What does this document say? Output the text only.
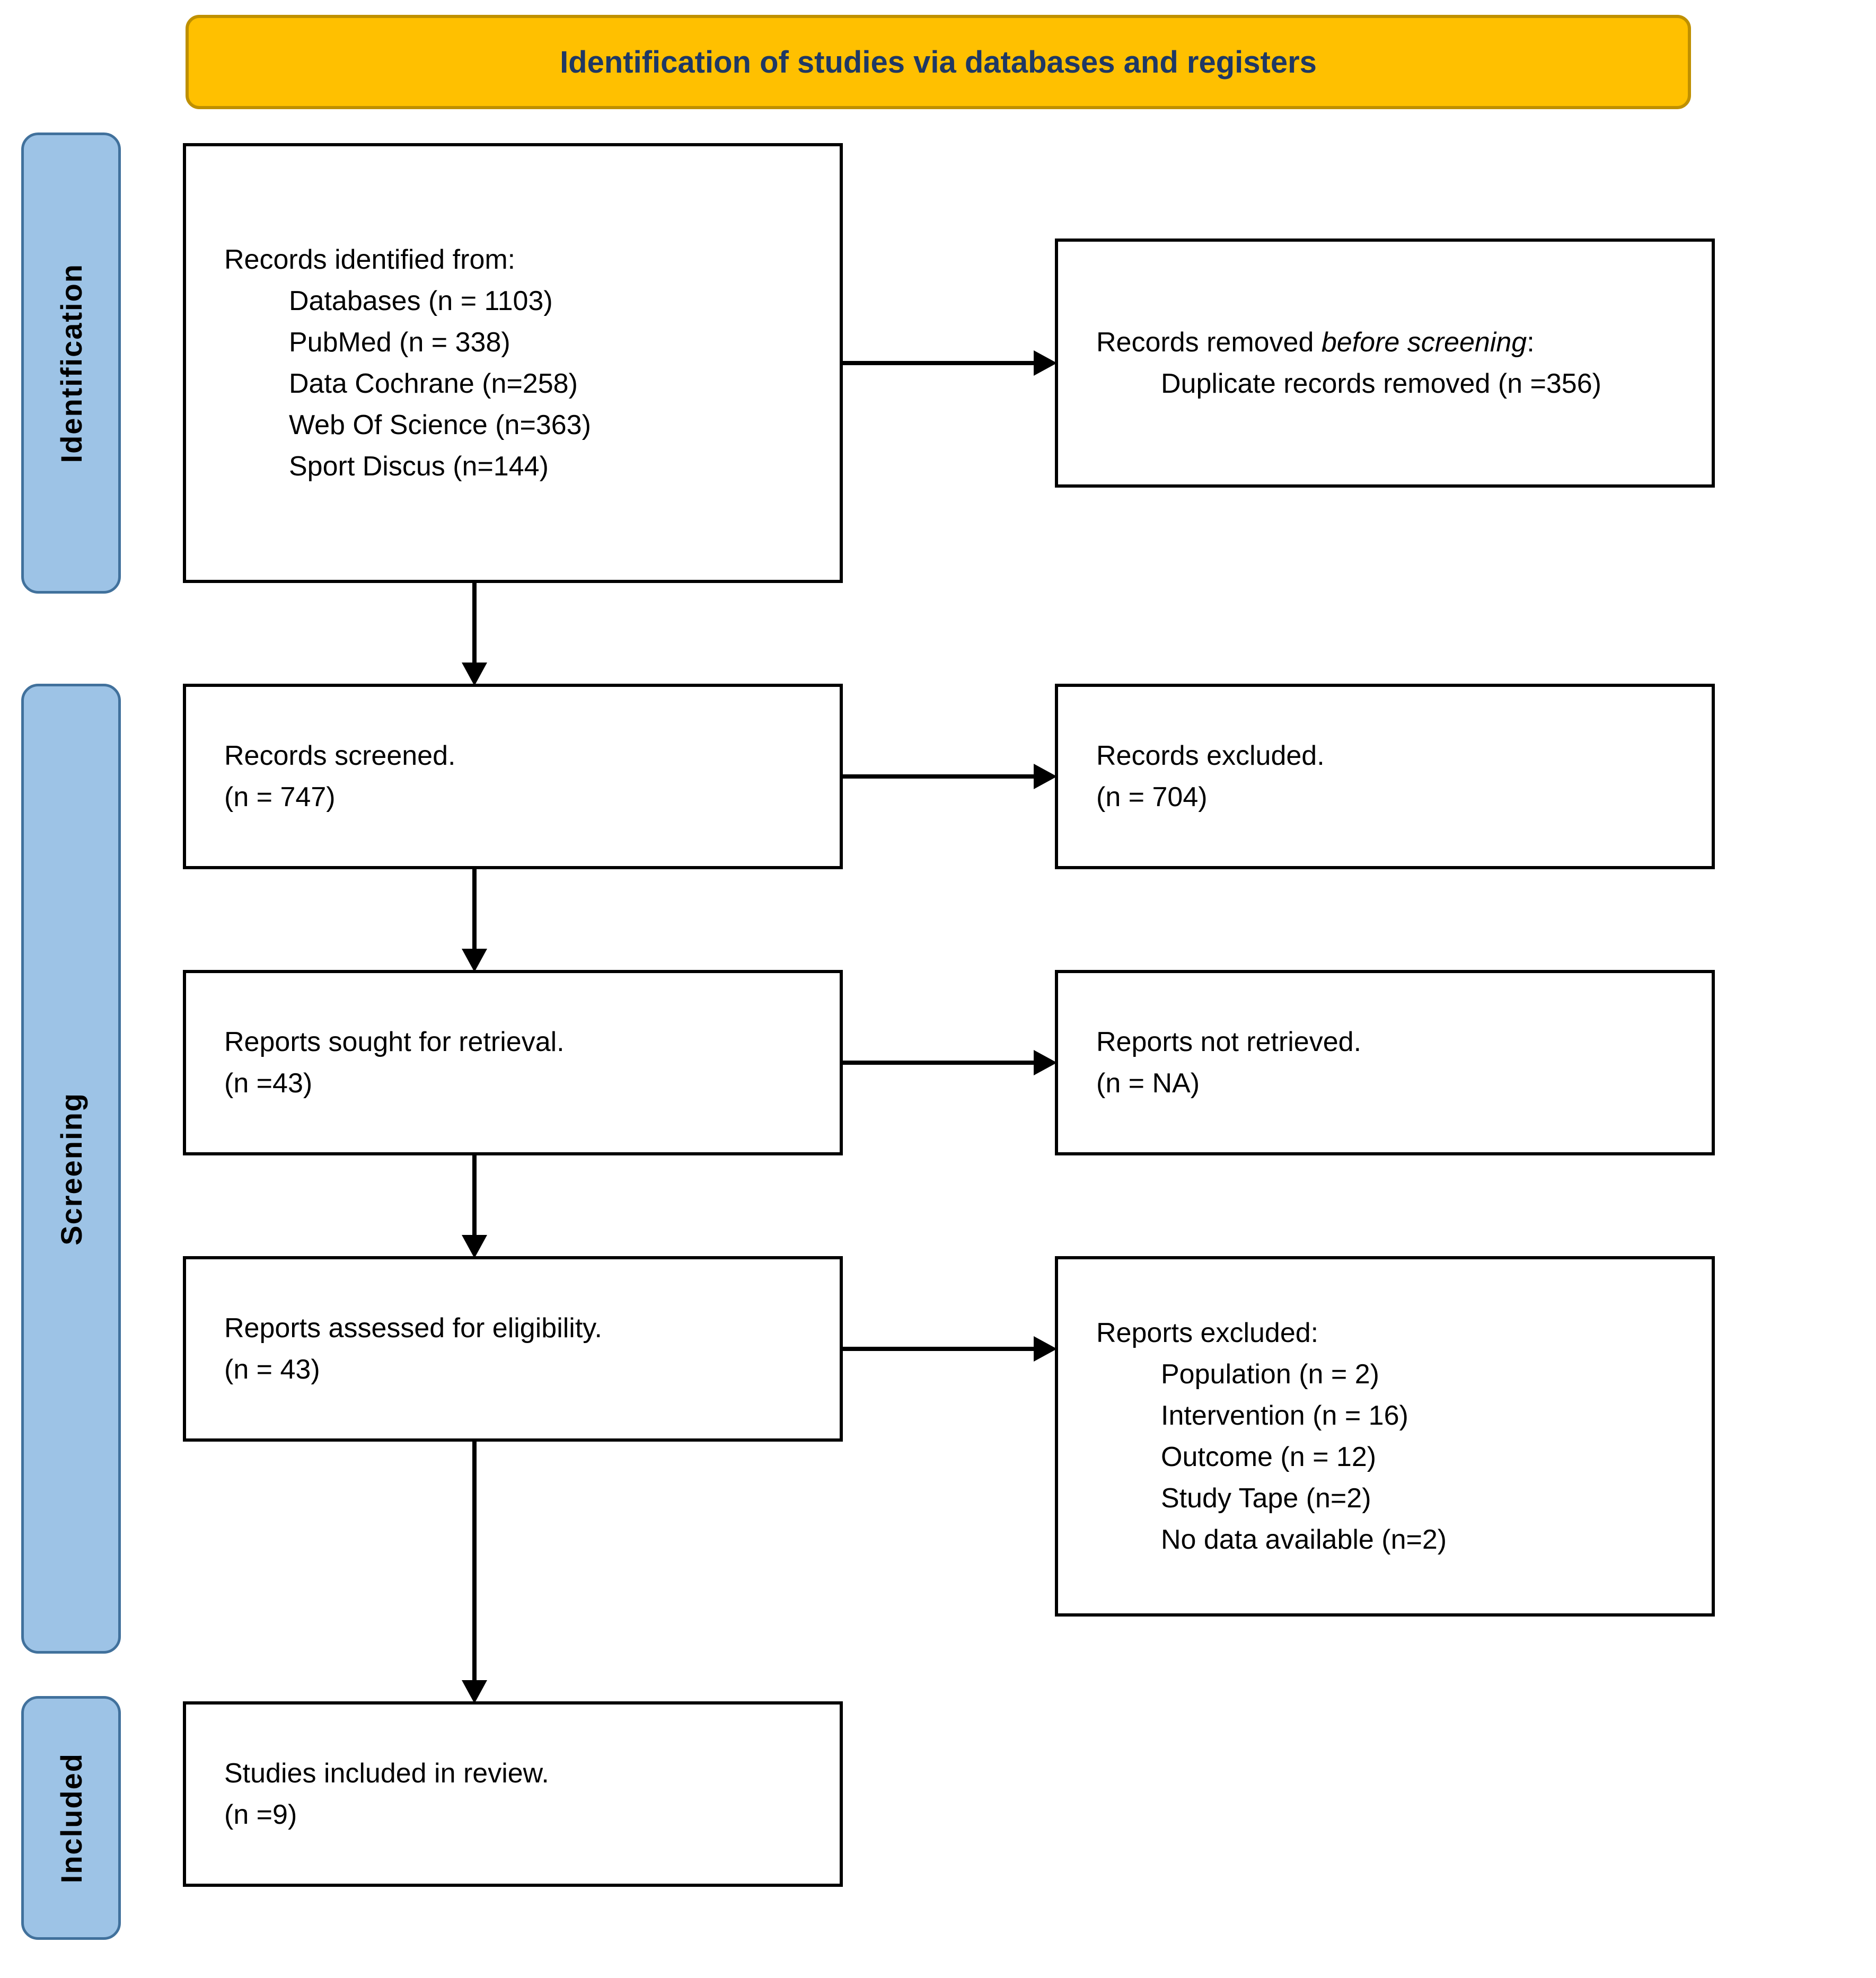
Identification of studies via databases and registers
Identification
Screening
Included
Records identified from:
Databases (n = 1103)
PubMed (n = 338)
Data Cochrane (n=258)
Web Of Science (n=363)
Sport Discus (n=144)
Records removed before screening:
Duplicate records removed (n =356)
Records screened.
(n = 747)
Records excluded.
(n = 704)
Reports sought for retrieval.
(n =43)
Reports not retrieved.
(n = NA)
Reports assessed for eligibility.
(n = 43)
Reports excluded:
Population (n = 2)
Intervention (n = 16)
Outcome (n = 12)
Study Tape (n=2)
No data available (n=2)
Studies included in review.
(n =9)
